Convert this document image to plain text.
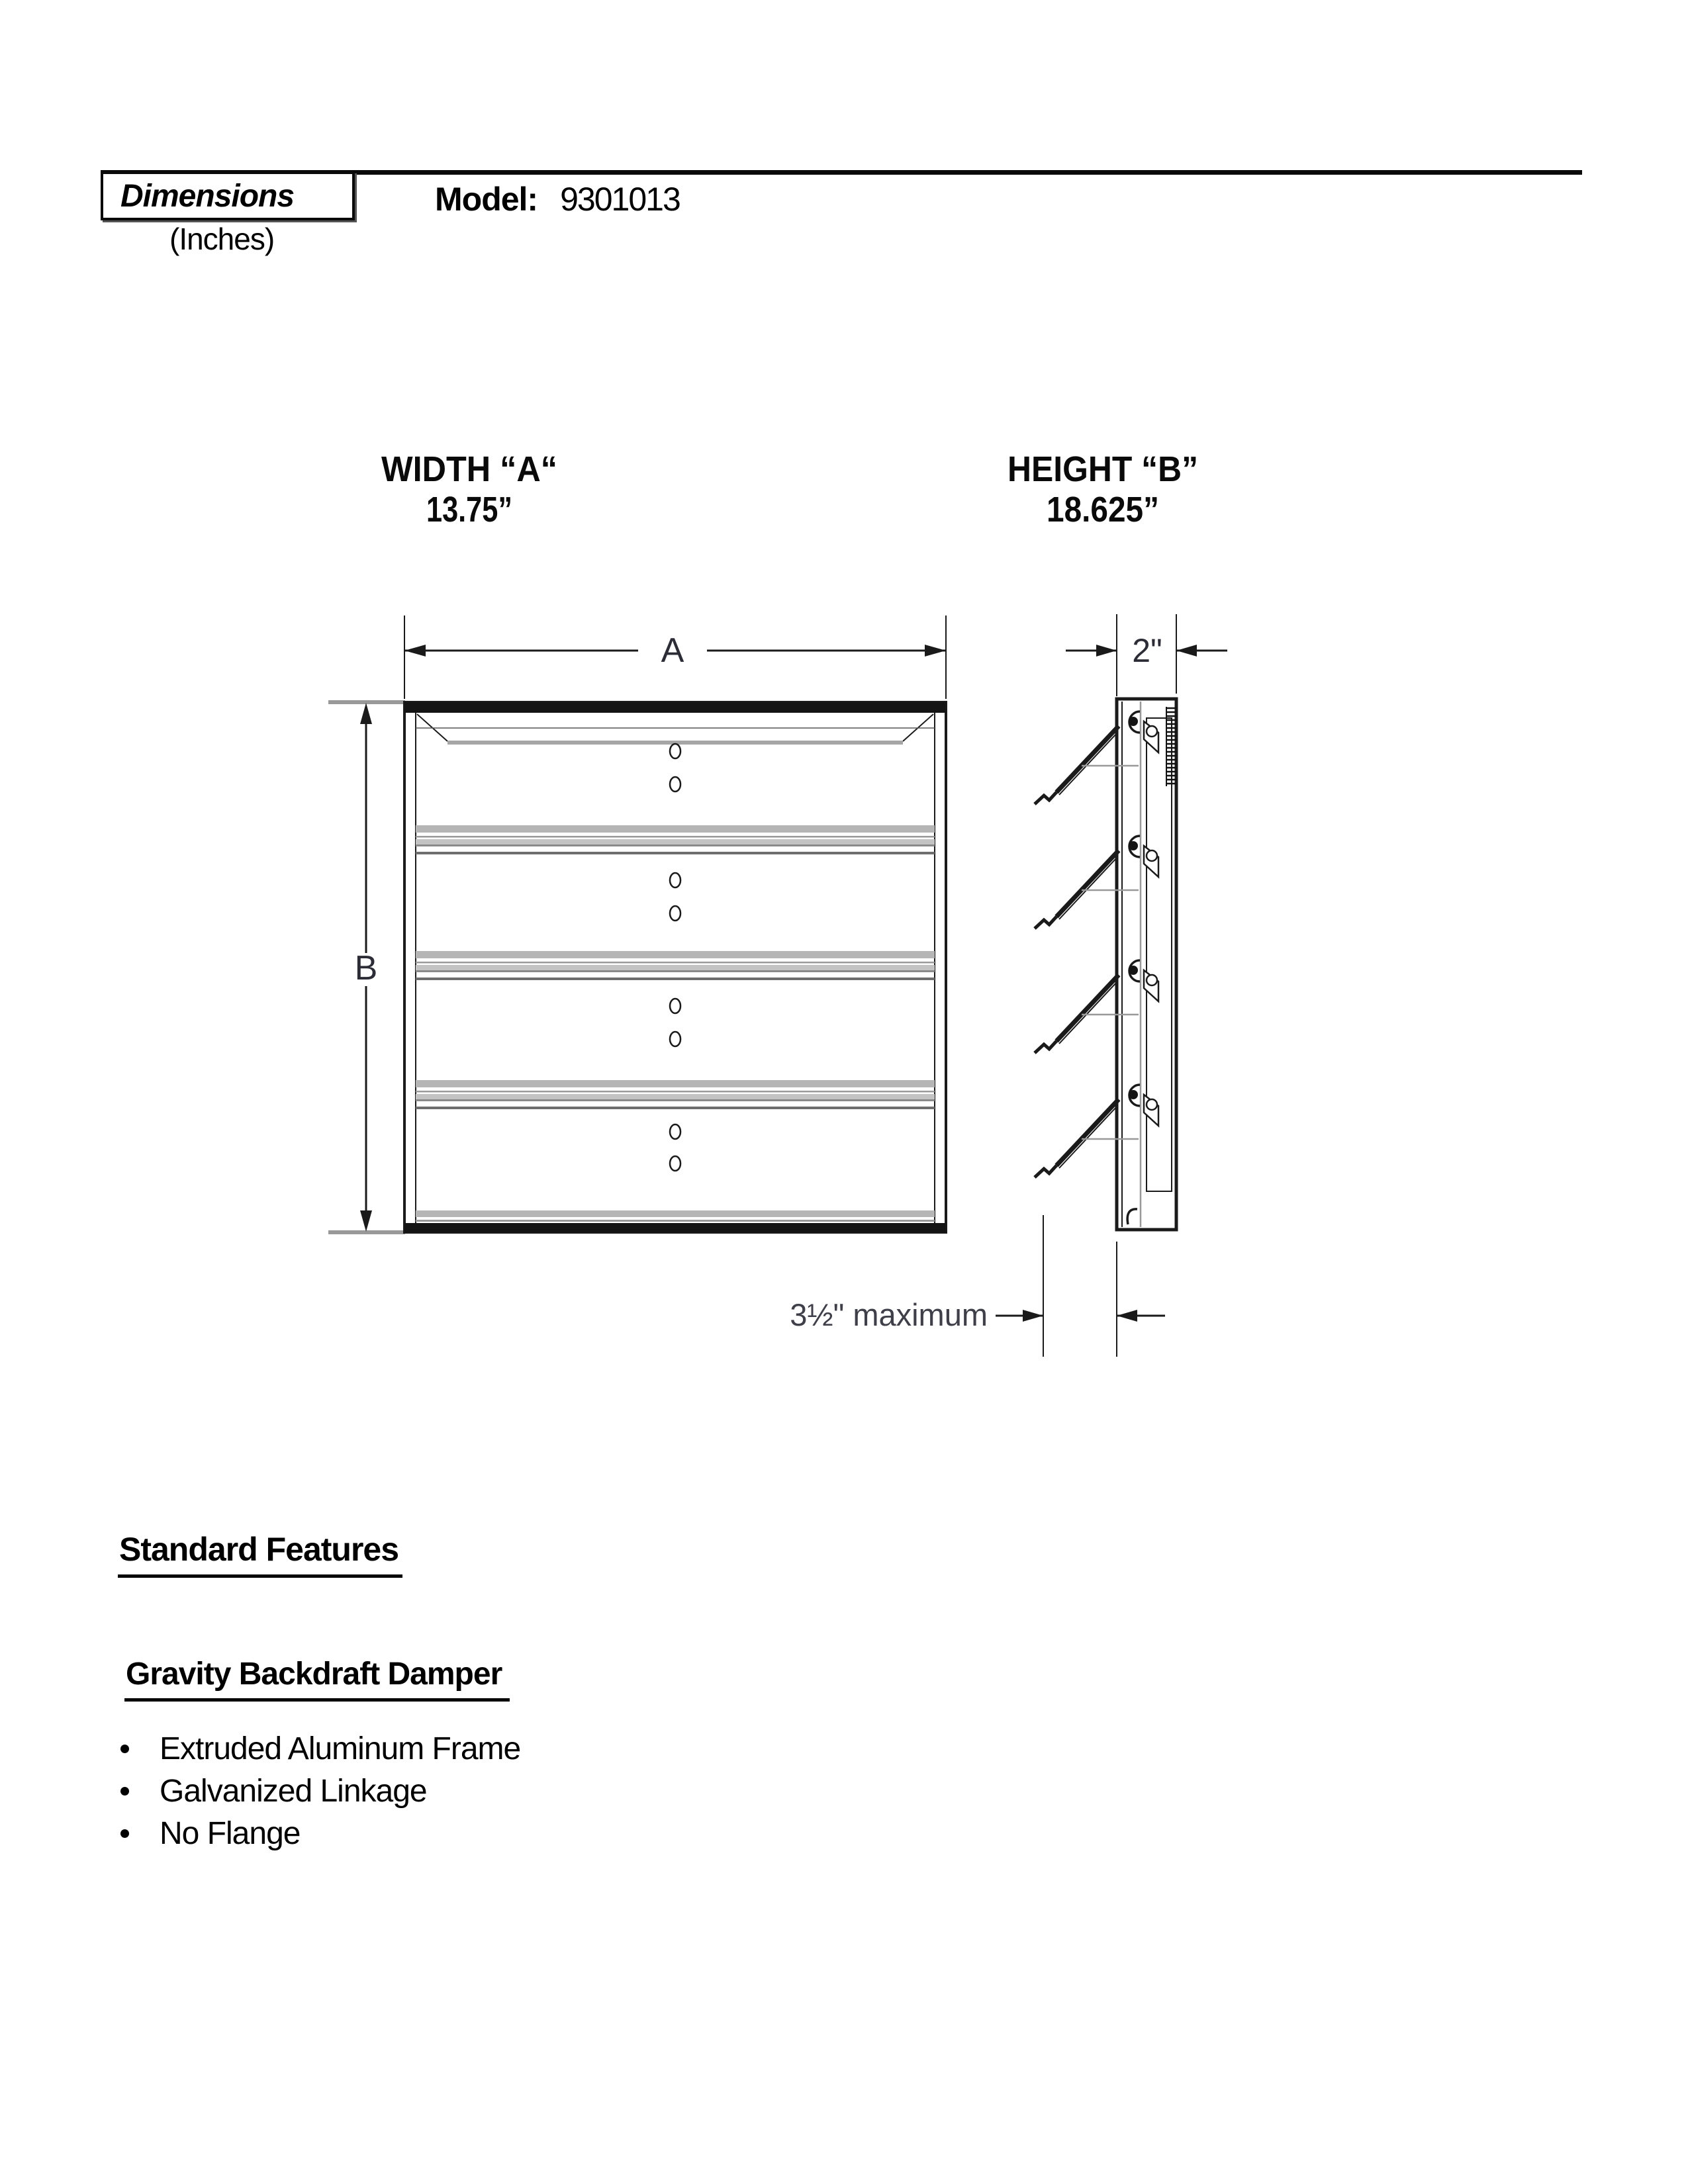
Dimensions
(Inches)
Model: 9301013
WIDTH “A“
13.75”
HEIGHT “B”
18.625”
A
B
2"
3½" maximum
Standard Features
Gravity Backdraft Damper
Extruded Aluminum Frame
Galvanized Linkage
No Flange
